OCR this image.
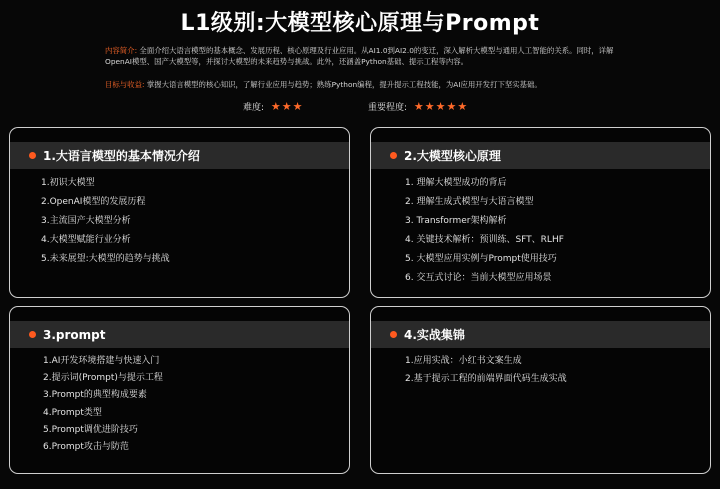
L1级别:大模型核心原理与Prompt
内容简介: 全面介绍大语言模型的基本概念、发展历程、核心原理及行业应用。从AI1.0到AI2.0的变迁，深入解析大模型与通用人工智能的关系。同时，详解OpenAI模型、国产大模型等，并探讨大模型的未来趋势与挑战。此外，还涵盖Python基础、提示工程等内容。
目标与收益: 掌握大语言模型的核心知识，了解行业应用与趋势；熟练Python编程，提升提示工程技能，为AI应用开发打下坚实基础。
难度: ★★★	重要程度: ★★★★★
1.大语言模型的基本情况介绍
1.初识大模型
2.OpenAI模型的发展历程
3.主流国产大模型分析
4.大模型赋能行业分析
5.未来展望:大模型的趋势与挑战
2.大模型核心原理
1. 理解大模型成功的背后
2. 理解生成式模型与大语言模型
3. Transformer架构解析
4. 关键技术解析：预训练、SFT、RLHF
5. 大模型应用实例与Prompt使用技巧
6. 交互式讨论：当前大模型应用场景
3.prompt
1.AI开发环境搭建与快速入门
2.提示词(Prompt)与提示工程
3.Prompt的典型构成要素
4.Prompt类型
5.Prompt调优进阶技巧
6.Prompt攻击与防范
4.实战集锦
1.应用实战：小红书文案生成
2.基于提示工程的前端界面代码生成实战
